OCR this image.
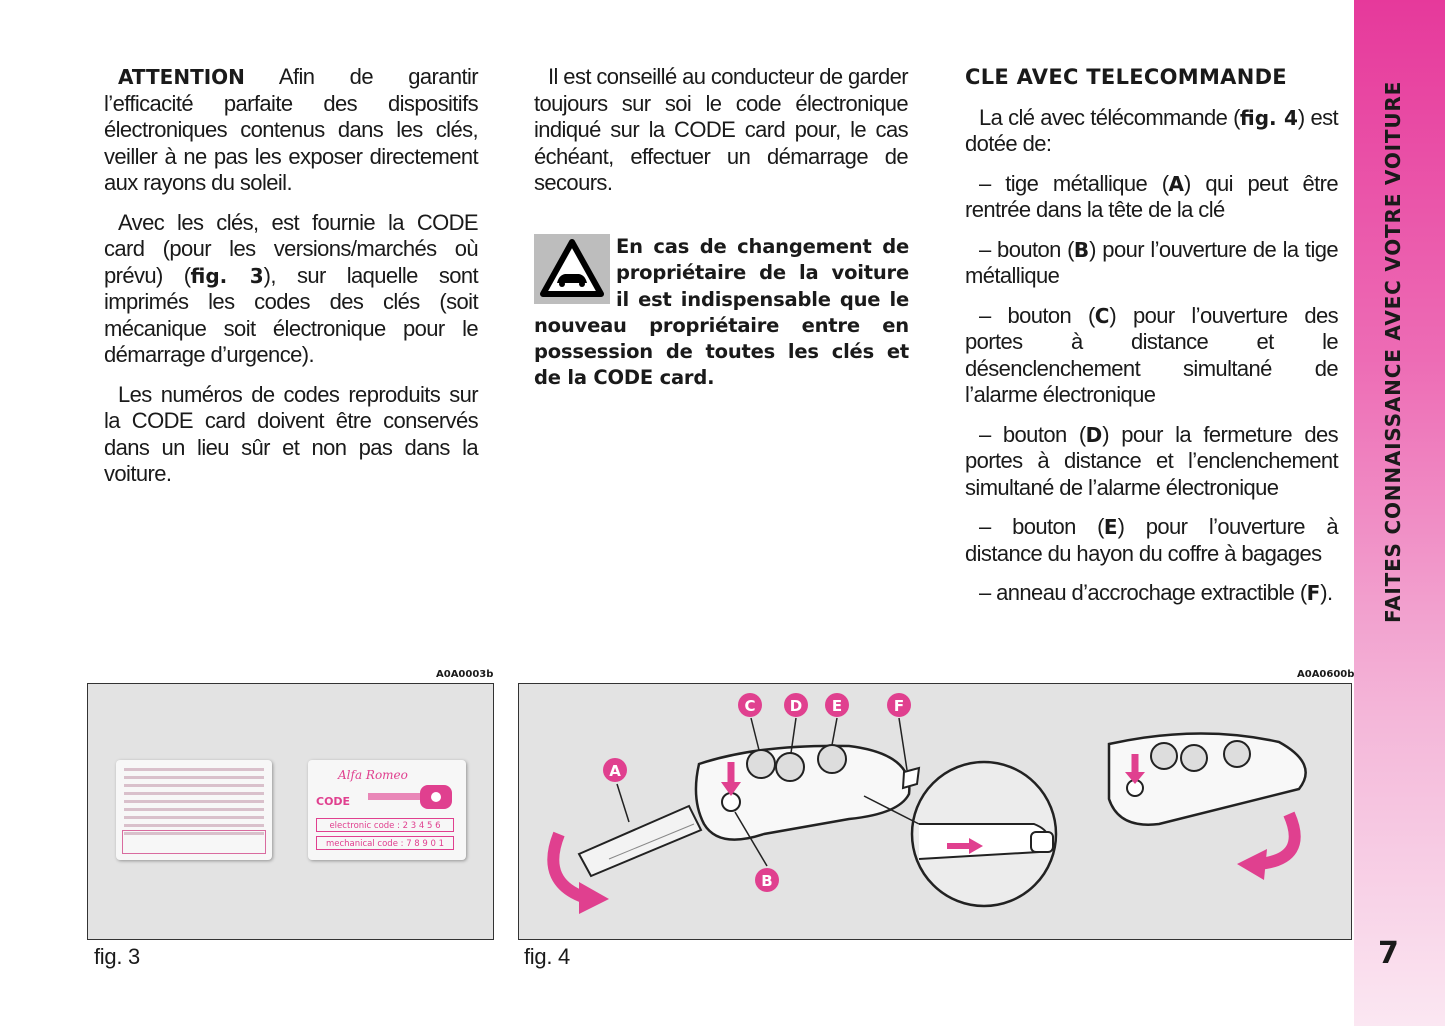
ATTENTION Afin de garantir l’efficacité parfaite des dispositifs électroniques contenus dans les clés, veiller à ne pas les exposer directement aux rayons du soleil.

Avec les clés, est fournie la CODE card (pour les versions/marchés où prévu) (fig. 3), sur laquelle sont imprimés les codes des clés (soit mécanique soit électronique pour le démarrage d’urgence).

Les numéros de codes reproduits sur la CODE card doivent être conservés dans un lieu sûr et non pas dans la voiture.

Il est conseillé au conducteur de garder toujours sur soi le code électronique indiqué sur la CODE card pour, le cas échéant, effectuer un démarrage de secours.

En cas de changement de propriétaire de la voiture il est indispensable que le nouveau propriétaire entre en possession de toutes les clés et de la CODE card.
CLE AVEC TELECOMMANDE

La clé avec télécommande (fig. 4) est dotée de:

– tige métallique (A) qui peut être rentrée dans la tête de la clé

– bouton (B) pour l’ouverture de la tige métallique

– bouton (C) pour l’ouverture des portes à distance et le désenclenchement simultané de l’alarme électronique

– bouton (D) pour la fermeture des portes à distance et l’enclenchement simultané de l’alarme électronique

– bouton (E) pour l’ouverture à distance du hayon du coffre à bagages

– anneau d’accrochage extractible (F). FAITES CONNAISSANCE AVEC VOTRE VOITURE
7
A0A0003b
Alfa Romeo
CODE
electronic code : 2 3 4 5 6
mechanical code : 7 8 9 0 1
fig. 3
A0A0600b
A
B
C D E	F
fig. 4
